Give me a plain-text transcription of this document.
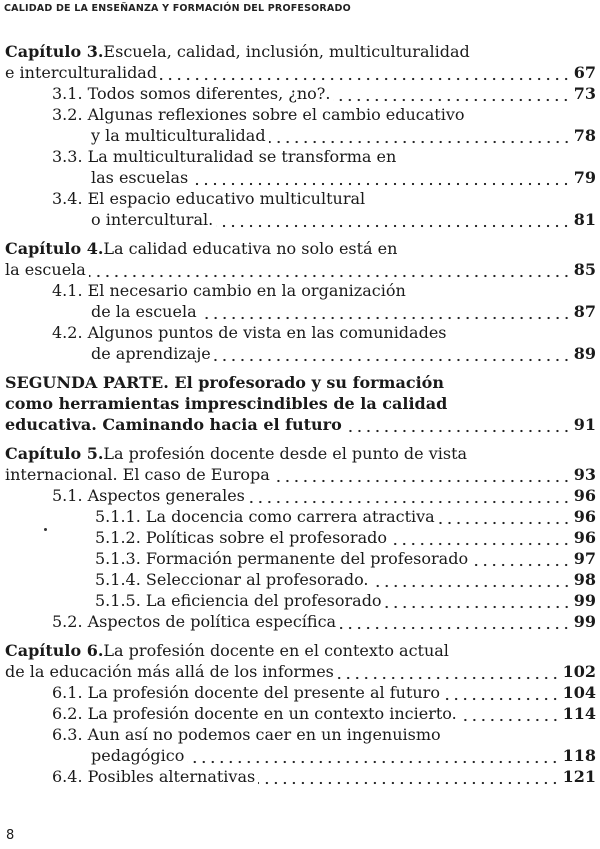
CALIDAD DE LA ENSEÑANZA Y FORMACIÓN DEL PROFESORADO
Capítulo 3. Escuela, calidad, inclusión, multiculturalidad
e interculturalidad	67
3.1. Todos somos diferentes, ¿no?.	73
3.2. Algunas reflexiones sobre el cambio educativo
y la multiculturalidad	78
3.3. La multiculturalidad se transforma en
las escuelas	79
3.4. El espacio educativo multicultural
o intercultural.	81
Capítulo 4. La calidad educativa no solo está en
la escuela	85
4.1. El necesario cambio en la organización
de la escuela	87
4.2. Algunos puntos de vista en las comunidades
de aprendizaje	89
SEGUNDA PARTE. El profesorado y su formación
como herramientas imprescindibles de la calidad
educativa. Caminando hacia el futuro	91
Capítulo 5. La profesión docente desde el punto de vista
internacional. El caso de Europa	93
5.1. Aspectos generales	96
5.1.1. La docencia como carrera atractiva	96
5.1.2. Políticas sobre el profesorado	96
5.1.3. Formación permanente del profesorado	97
5.1.4. Seleccionar al profesorado.	98
5.1.5. La eficiencia del profesorado	99
5.2. Aspectos de política específica	99
Capítulo 6. La profesión docente en el contexto actual
de la educación más allá de los informes	102
6.1. La profesión docente del presente al futuro	104
6.2. La profesión docente en un contexto incierto.	114
6.3. Aun así no podemos caer en un ingenuismo
pedagógico	118
6.4. Posibles alternativas	121
8
